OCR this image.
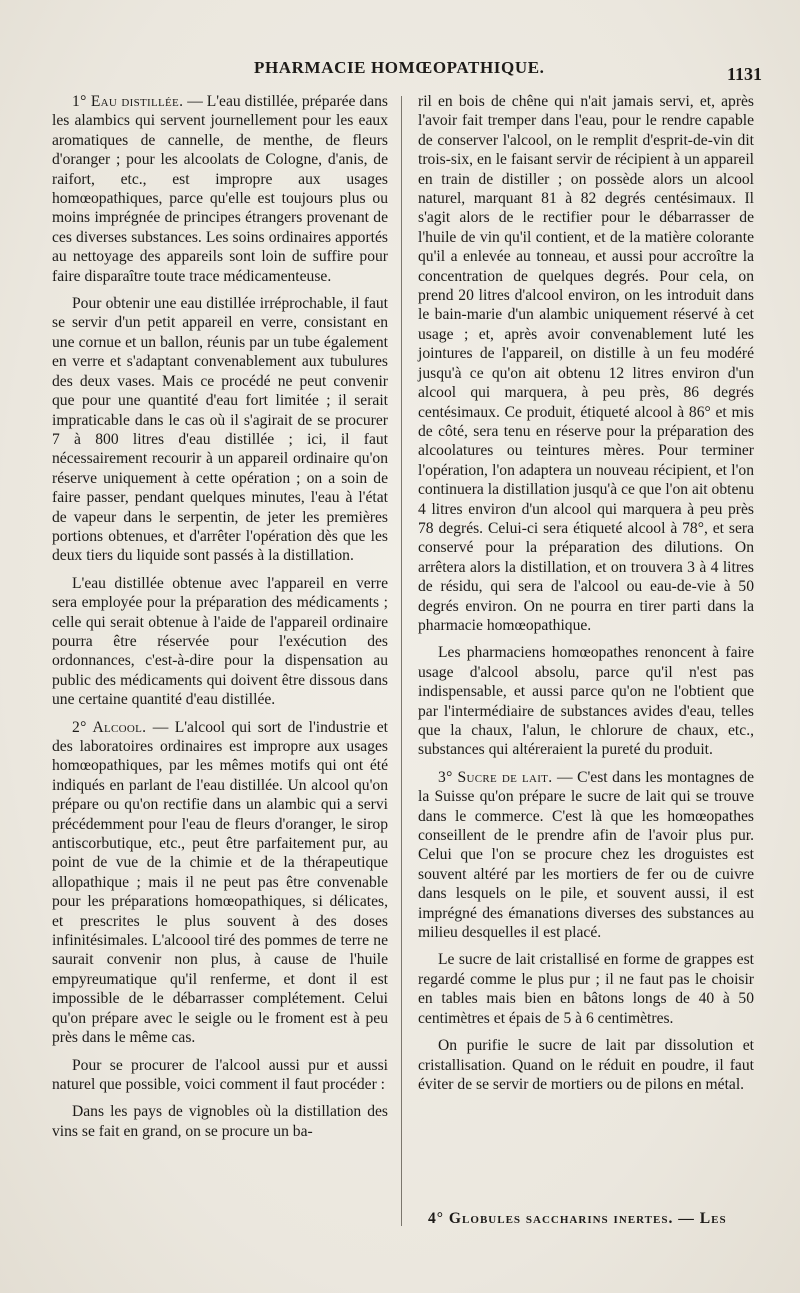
PHARMACIE HOMŒOPATHIQUE.	1131

1° Eau distillée. — L'eau distillée, préparée dans les alambics qui servent journellement pour les eaux aromatiques de cannelle, de menthe, de fleurs d'oranger ; pour les alcoolats de Cologne, d'anis, de raifort, etc., est impropre aux usages homœopathiques, parce qu'elle est toujours plus ou moins imprégnée de principes étrangers provenant de ces diverses substances. Les soins ordinaires apportés au nettoyage des appareils sont loin de suffire pour faire disparaître toute trace médicamenteuse.

Pour obtenir une eau distillée irréprochable, il faut se servir d'un petit appareil en verre, consistant en une cornue et un ballon, réunis par un tube également en verre et s'adaptant convenablement aux tubulures des deux vases. Mais ce procédé ne peut convenir que pour une quantité d'eau fort limitée ; il serait impraticable dans le cas où il s'agirait de se procurer 7 à 800 litres d'eau distillée ; ici, il faut nécessairement recourir à un appareil ordinaire qu'on réserve uniquement à cette opération ; on a soin de faire passer, pendant quelques minutes, l'eau à l'état de vapeur dans le serpentin, de jeter les premières portions obtenues, et d'arrêter l'opération dès que les deux tiers du liquide sont passés à la distillation.

L'eau distillée obtenue avec l'appareil en verre sera employée pour la préparation des médicaments ; celle qui serait obtenue à l'aide de l'appareil ordinaire pourra être réservée pour l'exécution des ordonnances, c'est-à-dire pour la dispensation au public des médicaments qui doivent être dissous dans une certaine quantité d'eau distillée.

2° Alcool. — L'alcool qui sort de l'industrie et des laboratoires ordinaires est impropre aux usages homœopathiques, par les mêmes motifs qui ont été indiqués en parlant de l'eau distillée. Un alcool qu'on prépare ou qu'on rectifie dans un alambic qui a servi précédemment pour l'eau de fleurs d'oranger, le sirop antiscorbutique, etc., peut être parfaitement pur, au point de vue de la chimie et de la thérapeutique allopathique ; mais il ne peut pas être convenable pour les préparations homœopathiques, si délicates, et prescrites le plus souvent à des doses infinitésimales. L'alcoool tiré des pommes de terre ne saurait convenir non plus, à cause de l'huile empyreumatique qu'il renferme, et dont il est impossible de le débarrasser complétement. Celui qu'on prépare avec le seigle ou le froment est à peu près dans le même cas.

Pour se procurer de l'alcool aussi pur et aussi naturel que possible, voici comment il faut procéder :

Dans les pays de vignobles où la distillation des vins se fait en grand, on se procure un ba-

ril en bois de chêne qui n'ait jamais servi, et, après l'avoir fait tremper dans l'eau, pour le rendre capable de conserver l'alcool, on le remplit d'esprit-de-vin dit trois-six, en le faisant servir de récipient à un appareil en train de distiller ; on possède alors un alcool naturel, marquant 81 à 82 degrés centésimaux. Il s'agit alors de le rectifier pour le débarrasser de l'huile de vin qu'il contient, et de la matière colorante qu'il a enlevée au tonneau, et aussi pour accroître la concentration de quelques degrés. Pour cela, on prend 20 litres d'alcool environ, on les introduit dans le bain-marie d'un alambic uniquement réservé à cet usage ; et, après avoir convenablement luté les jointures de l'appareil, on distille à un feu modéré jusqu'à ce qu'on ait obtenu 12 litres environ d'un alcool qui marquera, à peu près, 86 degrés centésimaux. Ce produit, étiqueté alcool à 86° et mis de côté, sera tenu en réserve pour la préparation des alcoolatures ou teintures mères. Pour terminer l'opération, l'on adaptera un nouveau récipient, et l'on continuera la distillation jusqu'à ce que l'on ait obtenu 4 litres environ d'un alcool qui marquera à peu près 78 degrés. Celui-ci sera étiqueté alcool à 78°, et sera conservé pour la préparation des dilutions. On arrêtera alors la distillation, et on trouvera 3 à 4 litres de résidu, qui sera de l'alcool ou eau-de-vie à 50 degrés environ. On ne pourra en tirer parti dans la pharmacie homœopathique.

Les pharmaciens homœopathes renoncent à faire usage d'alcool absolu, parce qu'il n'est pas indispensable, et aussi parce qu'on ne l'obtient que par l'intermédiaire de substances avides d'eau, telles que la chaux, l'alun, le chlorure de chaux, etc., substances qui altéreraient la pureté du produit.

3° Sucre de lait. — C'est dans les montagnes de la Suisse qu'on prépare le sucre de lait qui se trouve dans le commerce. C'est là que les homœopathes conseillent de le prendre afin de l'avoir plus pur. Celui que l'on se procure chez les droguistes est souvent altéré par les mortiers de fer ou de cuivre dans lesquels on le pile, et souvent aussi, il est imprégné des émanations diverses des substances au milieu desquelles il est placé.

Le sucre de lait cristallisé en forme de grappes est regardé comme le plus pur ; il ne faut pas le choisir en tables mais bien en bâtons longs de 40 à 50 centimètres et épais de 5 à 6 centimètres.

On purifie le sucre de lait par dissolution et cristallisation. Quand on le réduit en poudre, il faut éviter de se servir de mortiers ou de pilons en métal.

4° Globules saccharins inertes. — Les
